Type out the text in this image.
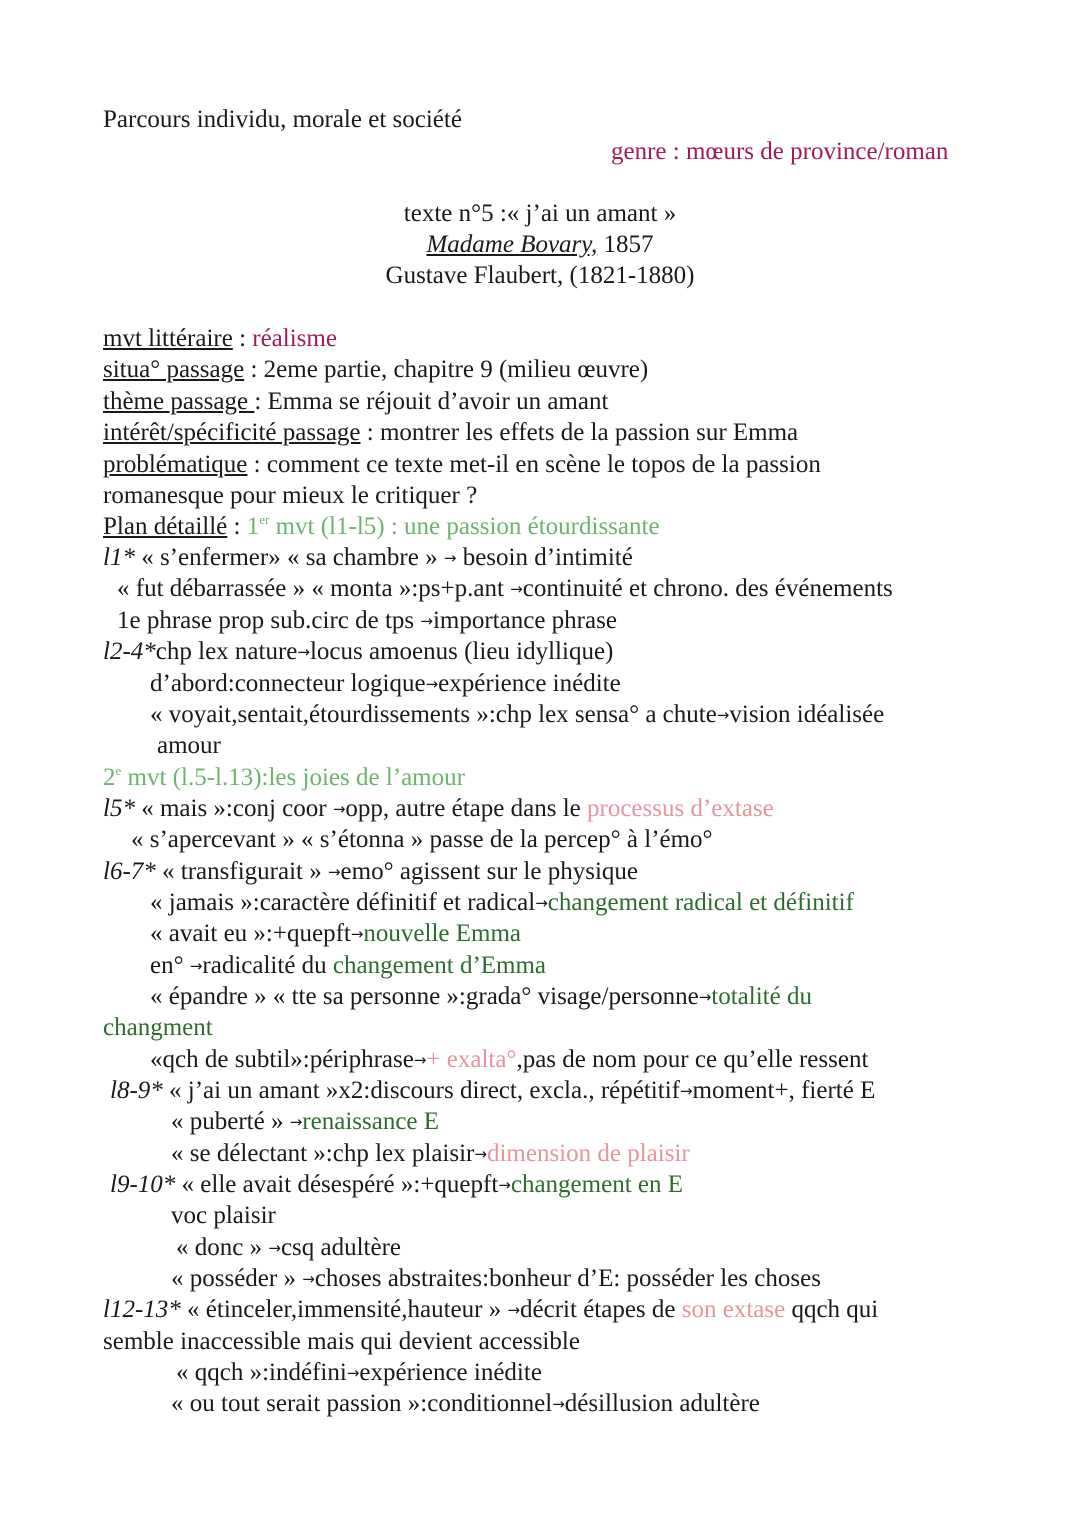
Parcours individu, morale et société
genre : mœurs de province/roman
texte n°5 :« j’ai un amant »
Madame Bovary, 1857
Gustave Flaubert, (1821-1880)
mvt littéraire : réalisme
situa° passage : 2eme partie, chapitre 9 (milieu œuvre)
thème passage : Emma se réjouit d’avoir un amant
intérêt/spécificité passage : montrer les effets de la passion sur Emma
problématique : comment ce texte met-il en scène le topos de la passion
romanesque pour mieux le critiquer ?
Plan détaillé : 1er mvt (l1-l5) : une passion étourdissante
l1* « s’enfermer» « sa chambre » → besoin d’intimité
« fut débarrassée » « monta »:ps+p.ant →continuité et chrono. des événements
1e phrase prop sub.circ de tps →importance phrase
l2-4*chp lex nature→locus amoenus (lieu idyllique)
d’abord:connecteur logique→expérience inédite
« voyait,sentait,étourdissements »:chp lex sensa° a chute→vision idéalisée
amour
2e mvt (l.5-l.13):les joies de l’amour
l5* « mais »:conj coor →opp, autre étape dans le processus d’extase
« s’apercevant » « s’étonna » passe de la percep° à l’émo°
l6-7* « transfigurait » →emo° agissent sur le physique
« jamais »:caractère définitif et radical→changement radical et définitif
« avait eu »:+quepft→nouvelle Emma
en° →radicalité du changement d’Emma
« épandre » « tte sa personne »:grada° visage/personne→totalité du
changment
«qch de subtil»:périphrase→+ exalta°,pas de nom pour ce qu’elle ressent
l8-9* « j’ai un amant »x2:discours direct, excla., répétitif→moment+, fierté E
« puberté » →renaissance E
« se délectant »:chp lex plaisir→dimension de plaisir
l9-10* « elle avait désespéré »:+quepft→changement en E
voc plaisir
« donc » →csq adultère
« posséder » →choses abstraites:bonheur d’E: posséder les choses
l12-13* « étinceler,immensité,hauteur » →décrit étapes de son extase qqch qui
semble inaccessible mais qui devient accessible
« qqch »:indéfini→expérience inédite
« ou tout serait passion »:conditionnel→désillusion adultère
